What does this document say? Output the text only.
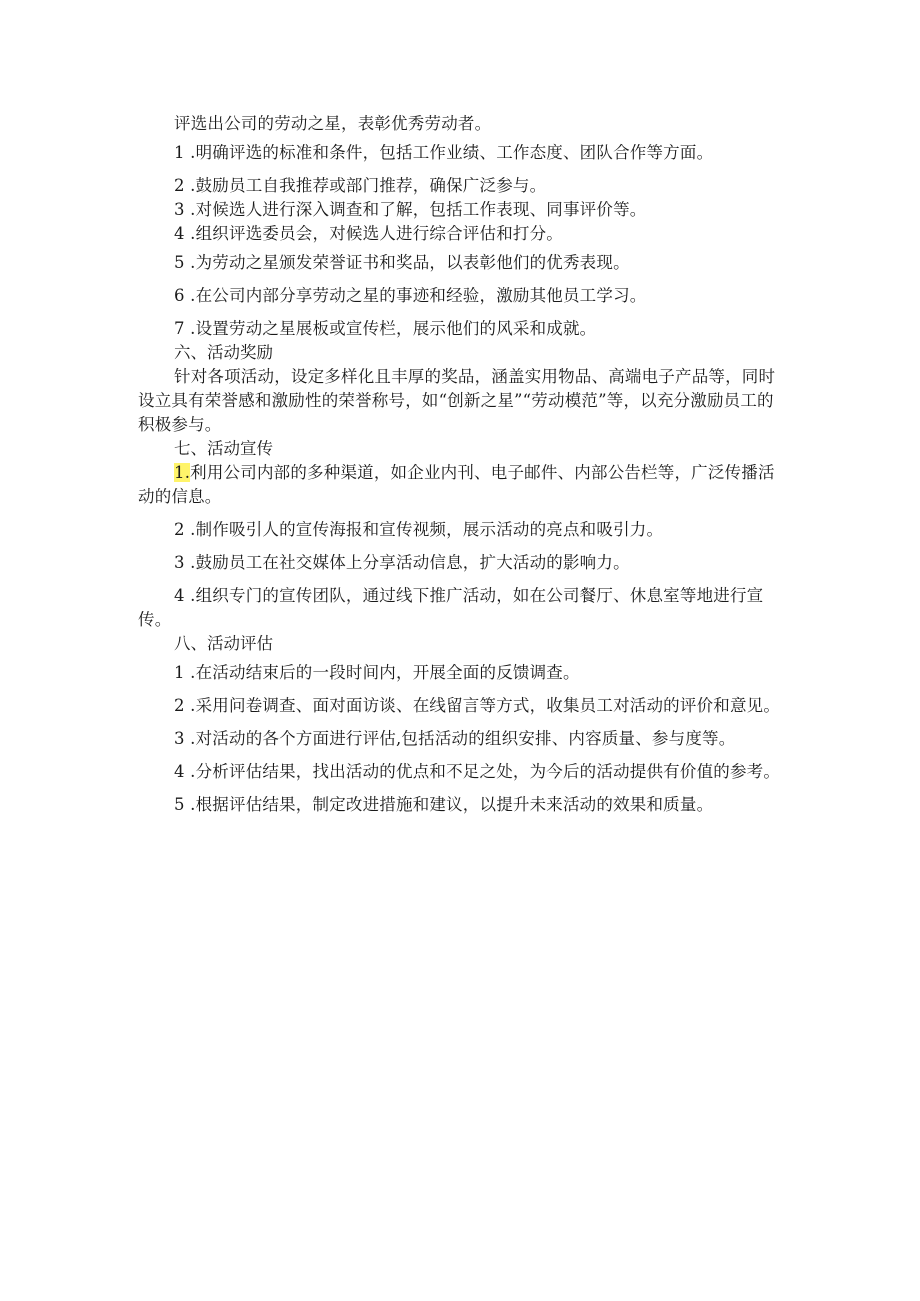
评选出公司的劳动之星，表彰优秀劳动者。

1 .明确评选的标准和条件，包括工作业绩、工作态度、团队合作等方面。

2 .鼓励员工自我推荐或部门推荐，确保广泛参与。

3 .对候选人进行深入调查和了解，包括工作表现、同事评价等。

4 .组织评选委员会，对候选人进行综合评估和打分。

5 .为劳动之星颁发荣誉证书和奖品，以表彰他们的优秀表现。

6 .在公司内部分享劳动之星的事迹和经验，激励其他员工学习。

7 .设置劳动之星展板或宣传栏，展示他们的风采和成就。

六、活动奖励

针对各项活动，设定多样化且丰厚的奖品，涵盖实用物品、高端电子产品等，同时设立具有荣誉感和激励性的荣誉称号，如“创新之星”“劳动模范”等，以充分激励员工的积极参与。

七、活动宣传

1.利用公司内部的多种渠道，如企业内刊、电子邮件、内部公告栏等，广泛传播活动的信息。

2 .制作吸引人的宣传海报和宣传视频，展示活动的亮点和吸引力。

3 .鼓励员工在社交媒体上分享活动信息，扩大活动的影响力。

4 .组织专门的宣传团队，通过线下推广活动，如在公司餐厅、休息室等地进行宣传。

八、活动评估

1 .在活动结束后的一段时间内，开展全面的反馈调查。

2 .采用问卷调查、面对面访谈、在线留言等方式，收集员工对活动的评价和意见。

3 .对活动的各个方面进行评估,包括活动的组织安排、内容质量、参与度等。

4 .分析评估结果，找出活动的优点和不足之处，为今后的活动提供有价值的参考。

5 .根据评估结果，制定改进措施和建议，以提升未来活动的效果和质量。
